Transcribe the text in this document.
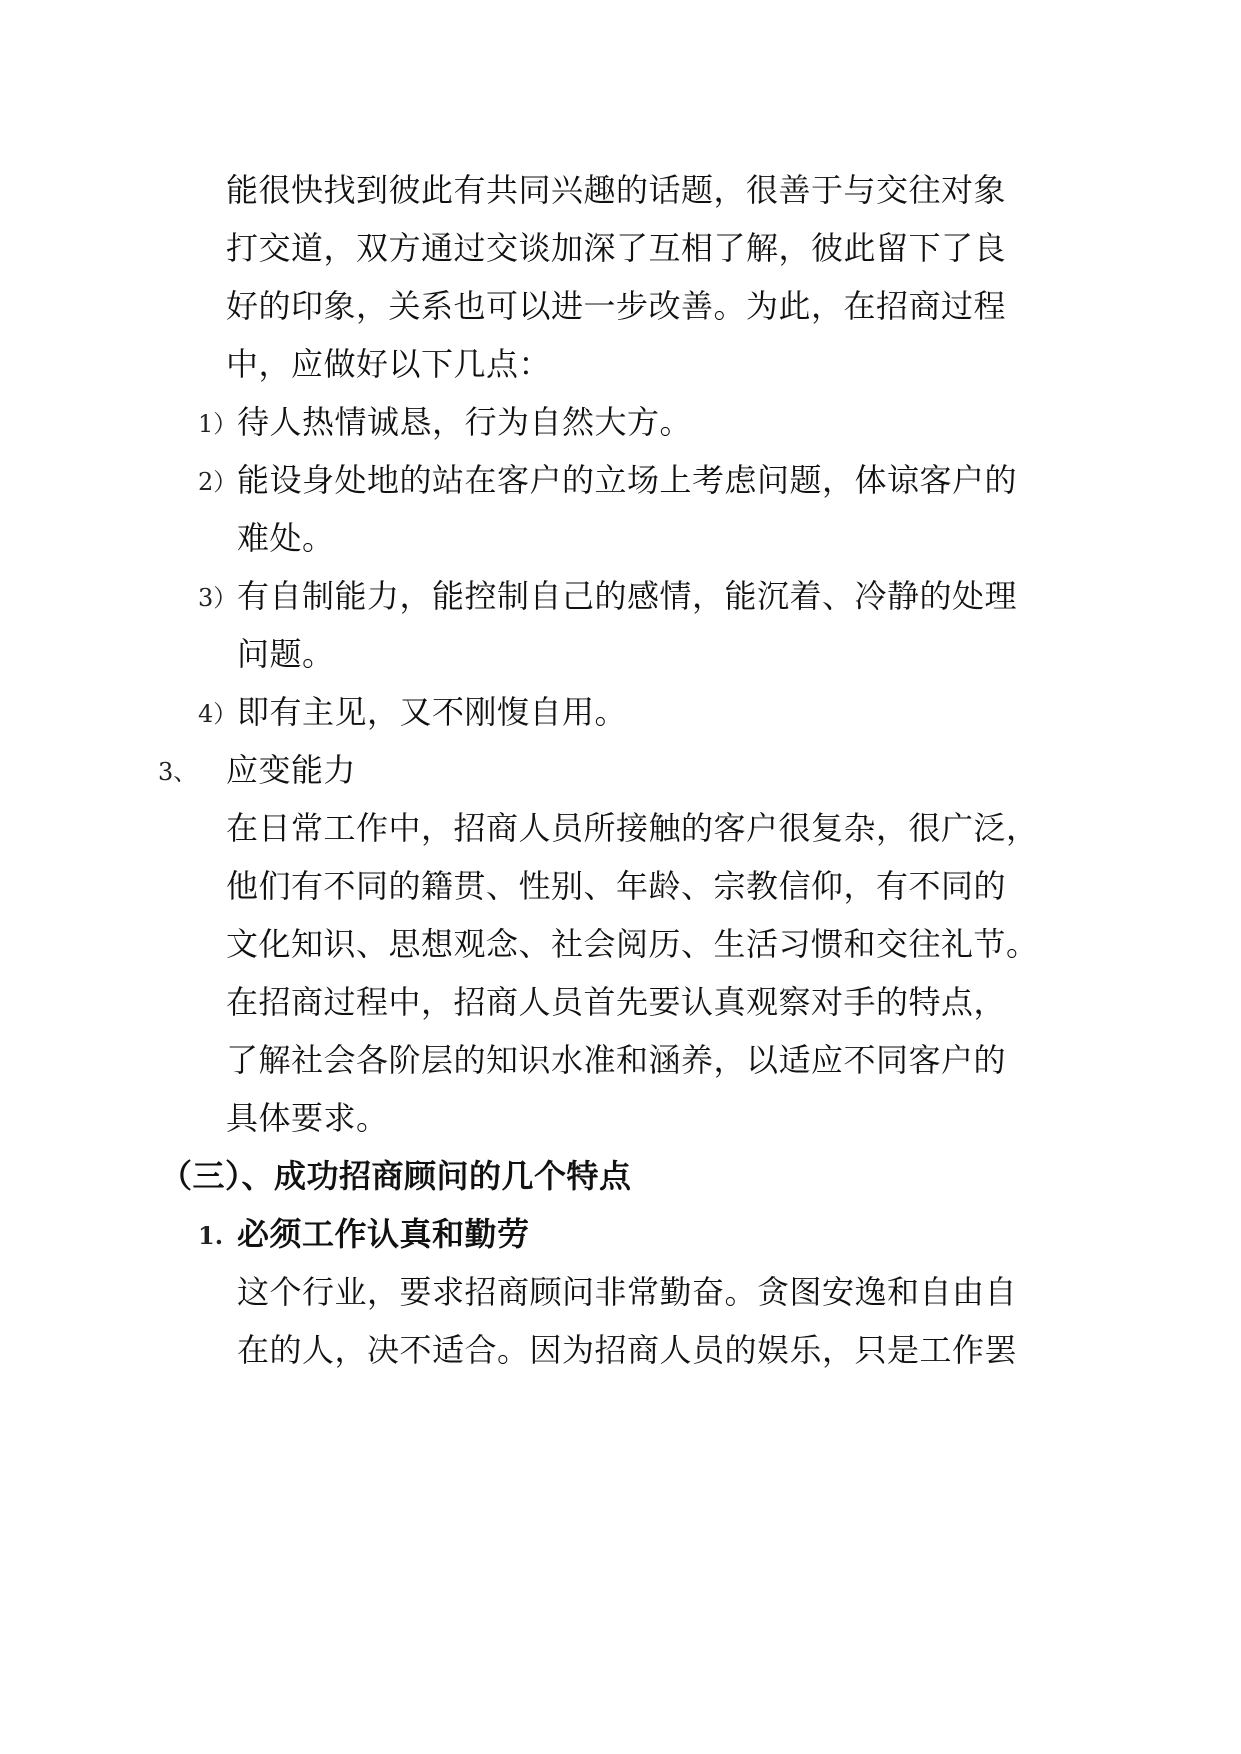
能很快找到彼此有共同兴趣的话题，很善于与交往对象
打交道，双方通过交谈加深了互相了解，彼此留下了良
好的印象，关系也可以进一步改善。为此，在招商过程
中，应做好以下几点：
1） 待人热情诚恳，行为自然大方。
2） 能设身处地的站在客户的立场上考虑问题，体谅客户的
难处。
3） 有自制能力，能控制自己的感情，能沉着、冷静的处理
问题。
4） 即有主见，又不刚愎自用。
3、 应变能力
在日常工作中，招商人员所接触的客户很复杂，很广泛，
他们有不同的籍贯、性别、年龄、宗教信仰，有不同的
文化知识、思想观念、社会阅历、生活习惯和交往礼节。
在招商过程中，招商人员首先要认真观察对手的特点，
了解社会各阶层的知识水准和涵养，以适应不同客户的
具体要求。
（三）、成功招商顾问的几个特点
1. 必须工作认真和勤劳
这个行业，要求招商顾问非常勤奋。贪图安逸和自由自
在的人，决不适合。因为招商人员的娱乐，只是工作罢
